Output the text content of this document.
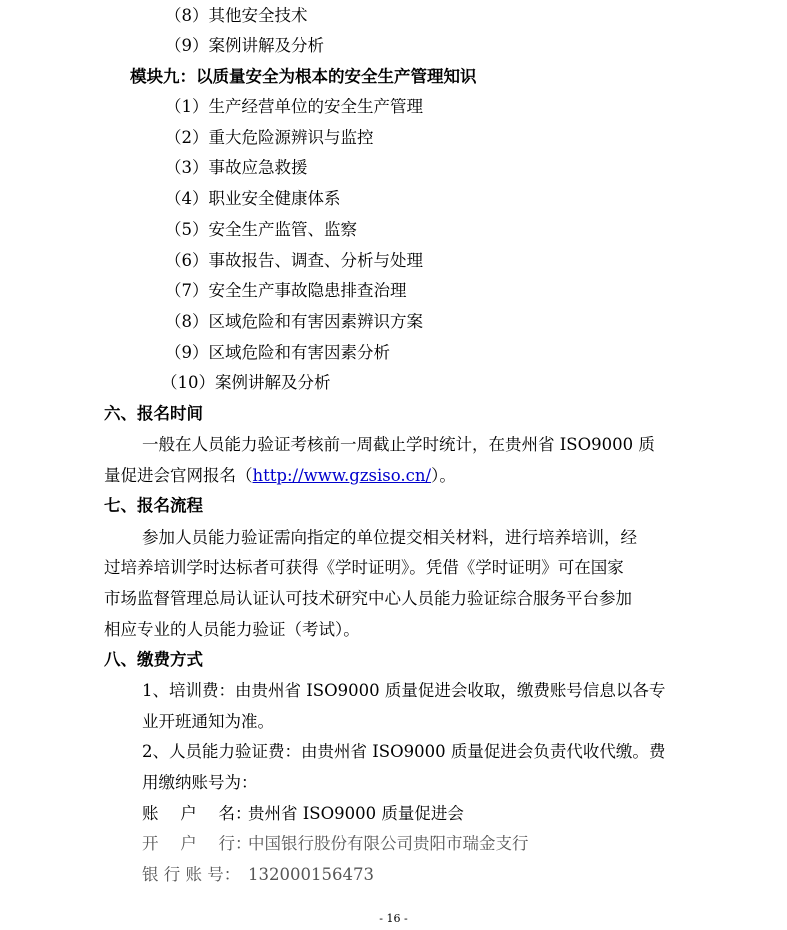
（8）其他安全技术
（9）案例讲解及分析
模块九：以质量安全为根本的安全生产管理知识
（1）生产经营单位的安全生产管理
（2）重大危险源辨识与监控
（3）事故应急救援
（4）职业安全健康体系
（5）安全生产监管、监察
（6）事故报告、调查、分析与处理
（7）安全生产事故隐患排查治理
（8）区域危险和有害因素辨识方案
（9）区域危险和有害因素分析
（10）案例讲解及分析
六、报名时间
一般在人员能力验证考核前一周截止学时统计，在贵州省 ISO9000 质
量促进会官网报名（http://www.gzsiso.cn/）。
七、报名流程
参加人员能力验证需向指定的单位提交相关材料，进行培养培训，经
过培养培训学时达标者可获得《学时证明》。凭借《学时证明》可在国家
市场监督管理总局认证认可技术研究中心人员能力验证综合服务平台参加
相应专业的人员能力验证（考试）。
八、缴费方式
1、培训费：由贵州省 ISO9000 质量促进会收取，缴费账号信息以各专
业开班通知为准。
2、人员能力验证费：由贵州省 ISO9000 质量促进会负责代收代缴。费
用缴纳账号为：
账　 户　 名：贵州省 ISO9000 质量促进会
开　 户　 行：中国银行股份有限公司贵阳市瑞金支行
银 行 账 号： 132000156473
- 16 -
